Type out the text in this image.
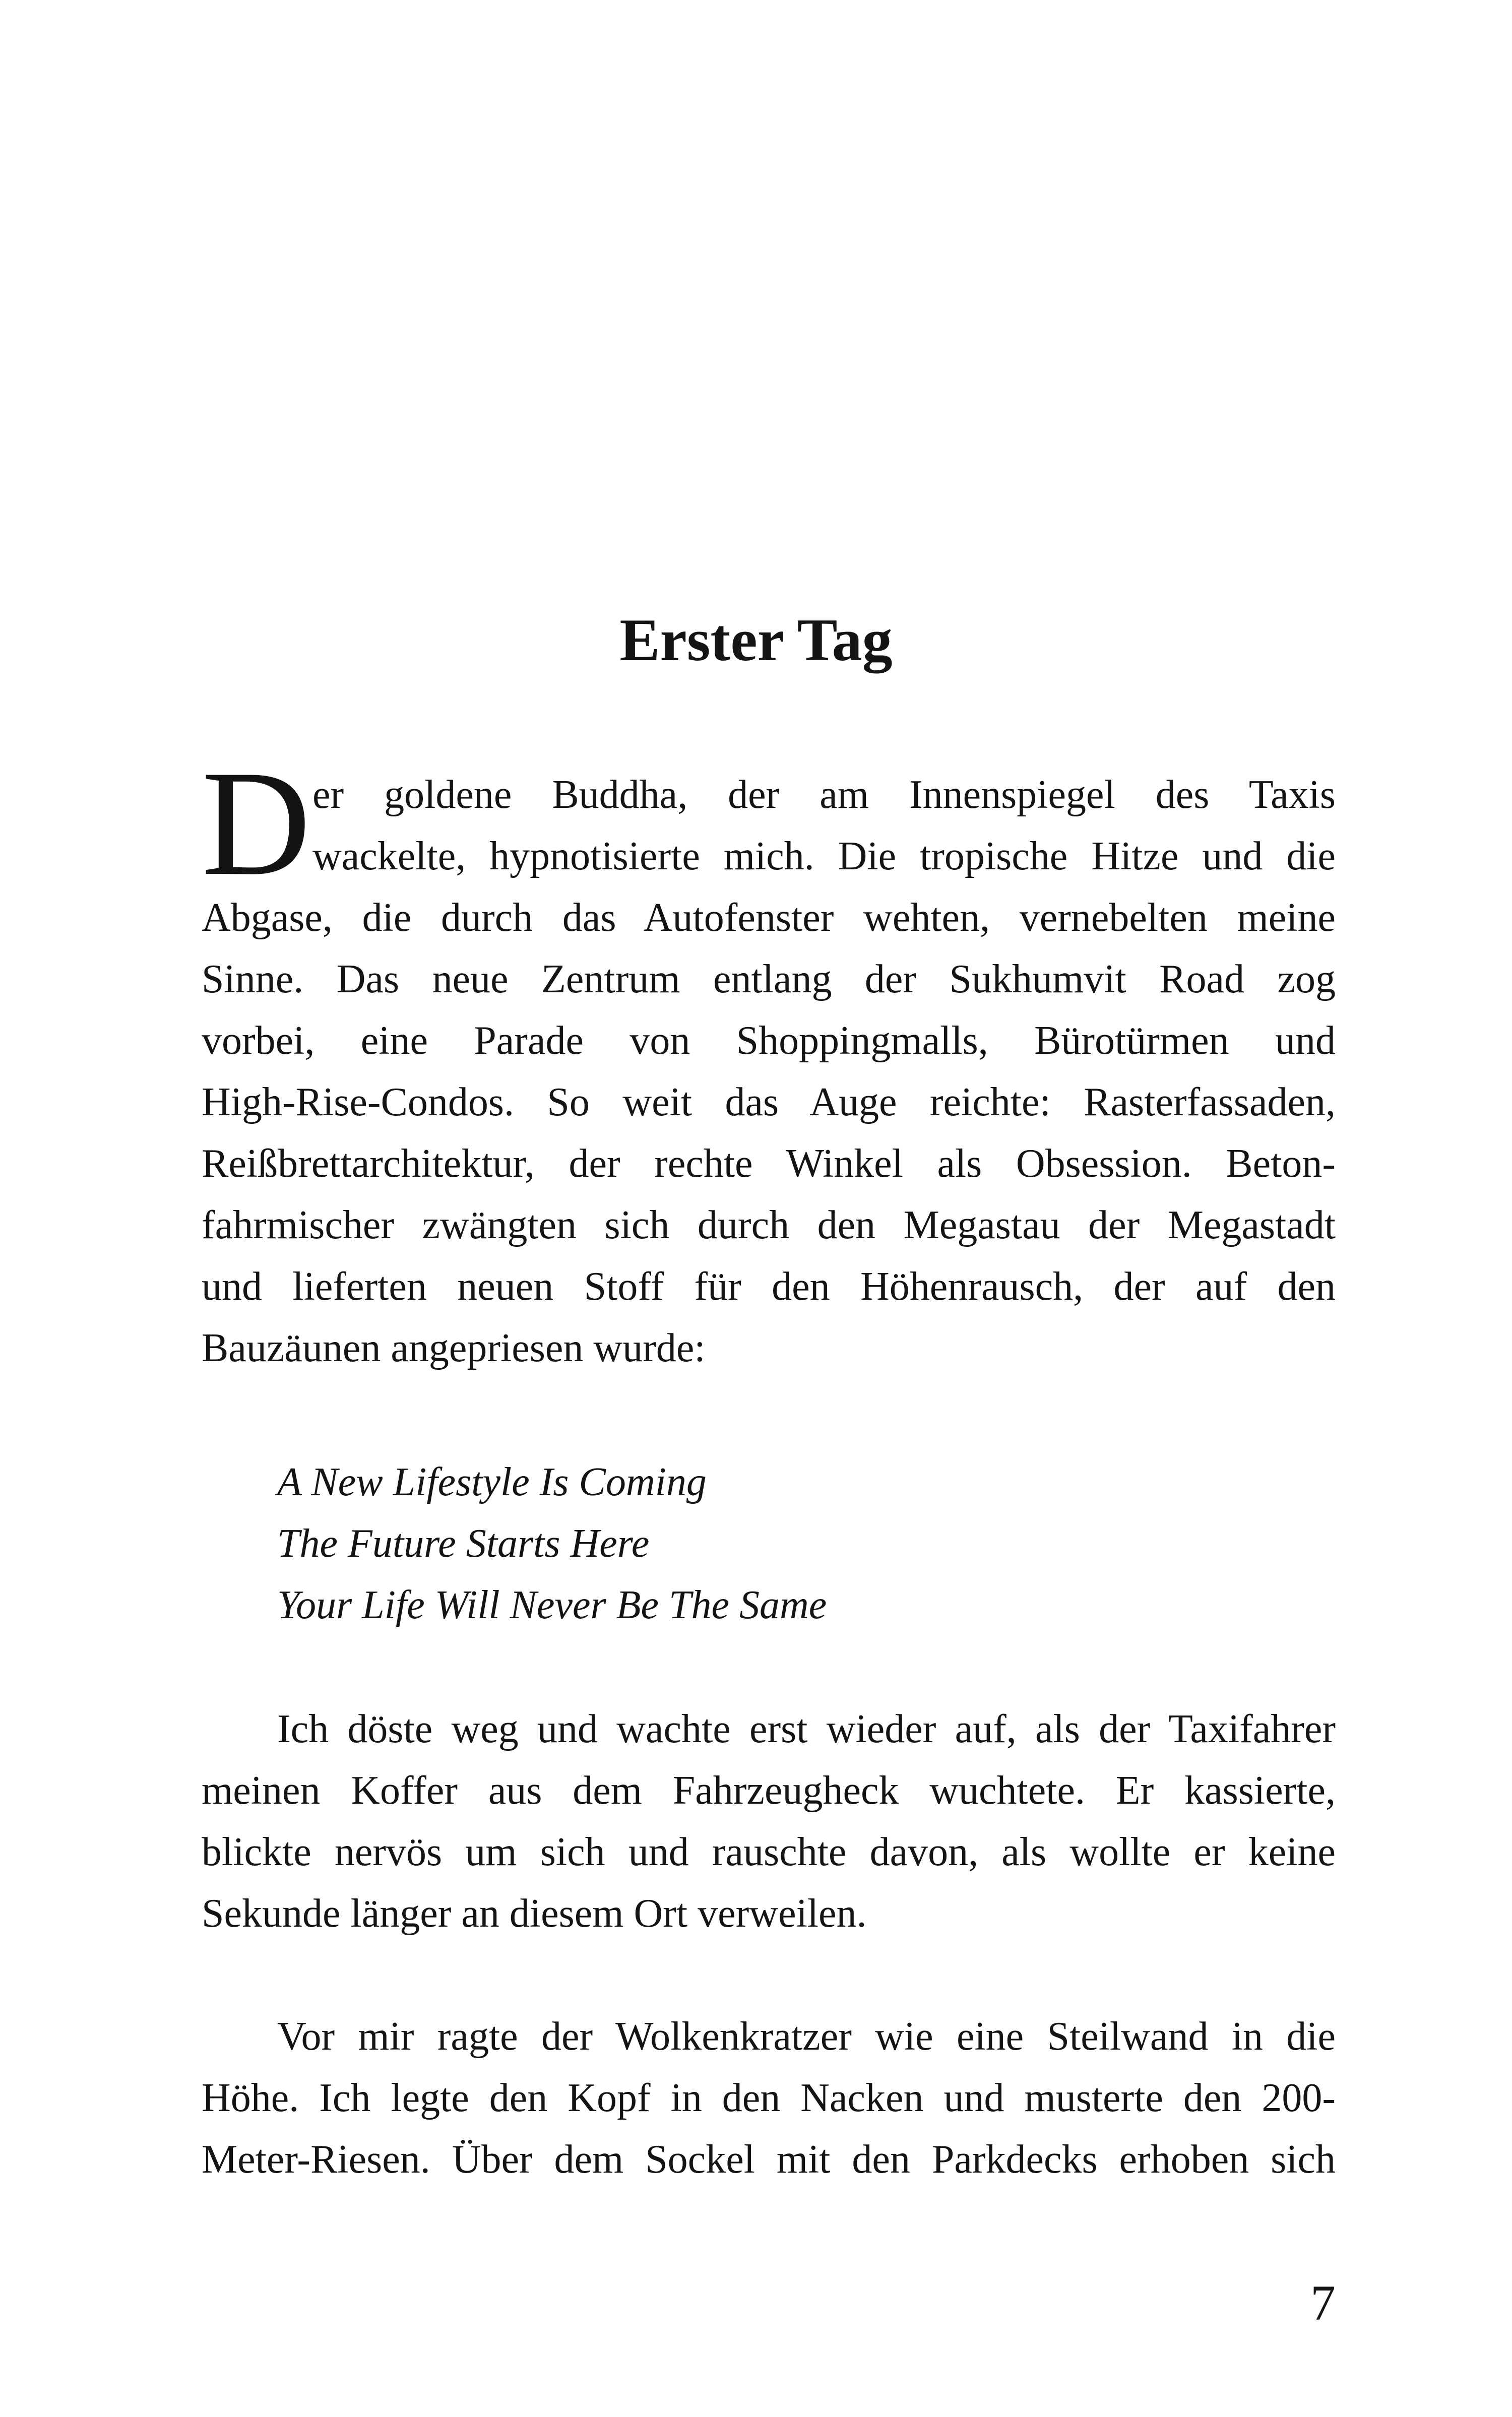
Erster Tag
D er goldene Buddha, der am Innenspiegel des Taxis
wackelte, hypnotisierte mich. Die tropische Hitze und die
Abgase, die durch das Autofenster wehten, vernebelten meine
Sinne. Das neue Zentrum entlang der Sukhumvit Road zog
vorbei, eine Parade von Shoppingmalls, Bürotürmen und
High-Rise-Condos. So weit das Auge reichte: Rasterfassaden,
Reißbrettarchitektur, der rechte Winkel als Obsession. Beton-
fahrmischer zwängten sich durch den Megastau der Megastadt
und lieferten neuen Stoff für den Höhenrausch, der auf den
Bauzäunen angepriesen wurde:
A New Lifestyle Is Coming
The Future Starts Here
Your Life Will Never Be The Same
Ich döste weg und wachte erst wieder auf, als der Taxifahrer
meinen Koffer aus dem Fahrzeugheck wuchtete. Er kassierte,
blickte nervös um sich und rauschte davon, als wollte er keine
Sekunde länger an diesem Ort verweilen.
Vor mir ragte der Wolkenkratzer wie eine Steilwand in die
Höhe. Ich legte den Kopf in den Nacken und musterte den 200-
Meter-Riesen. Über dem Sockel mit den Parkdecks erhoben sich
7
